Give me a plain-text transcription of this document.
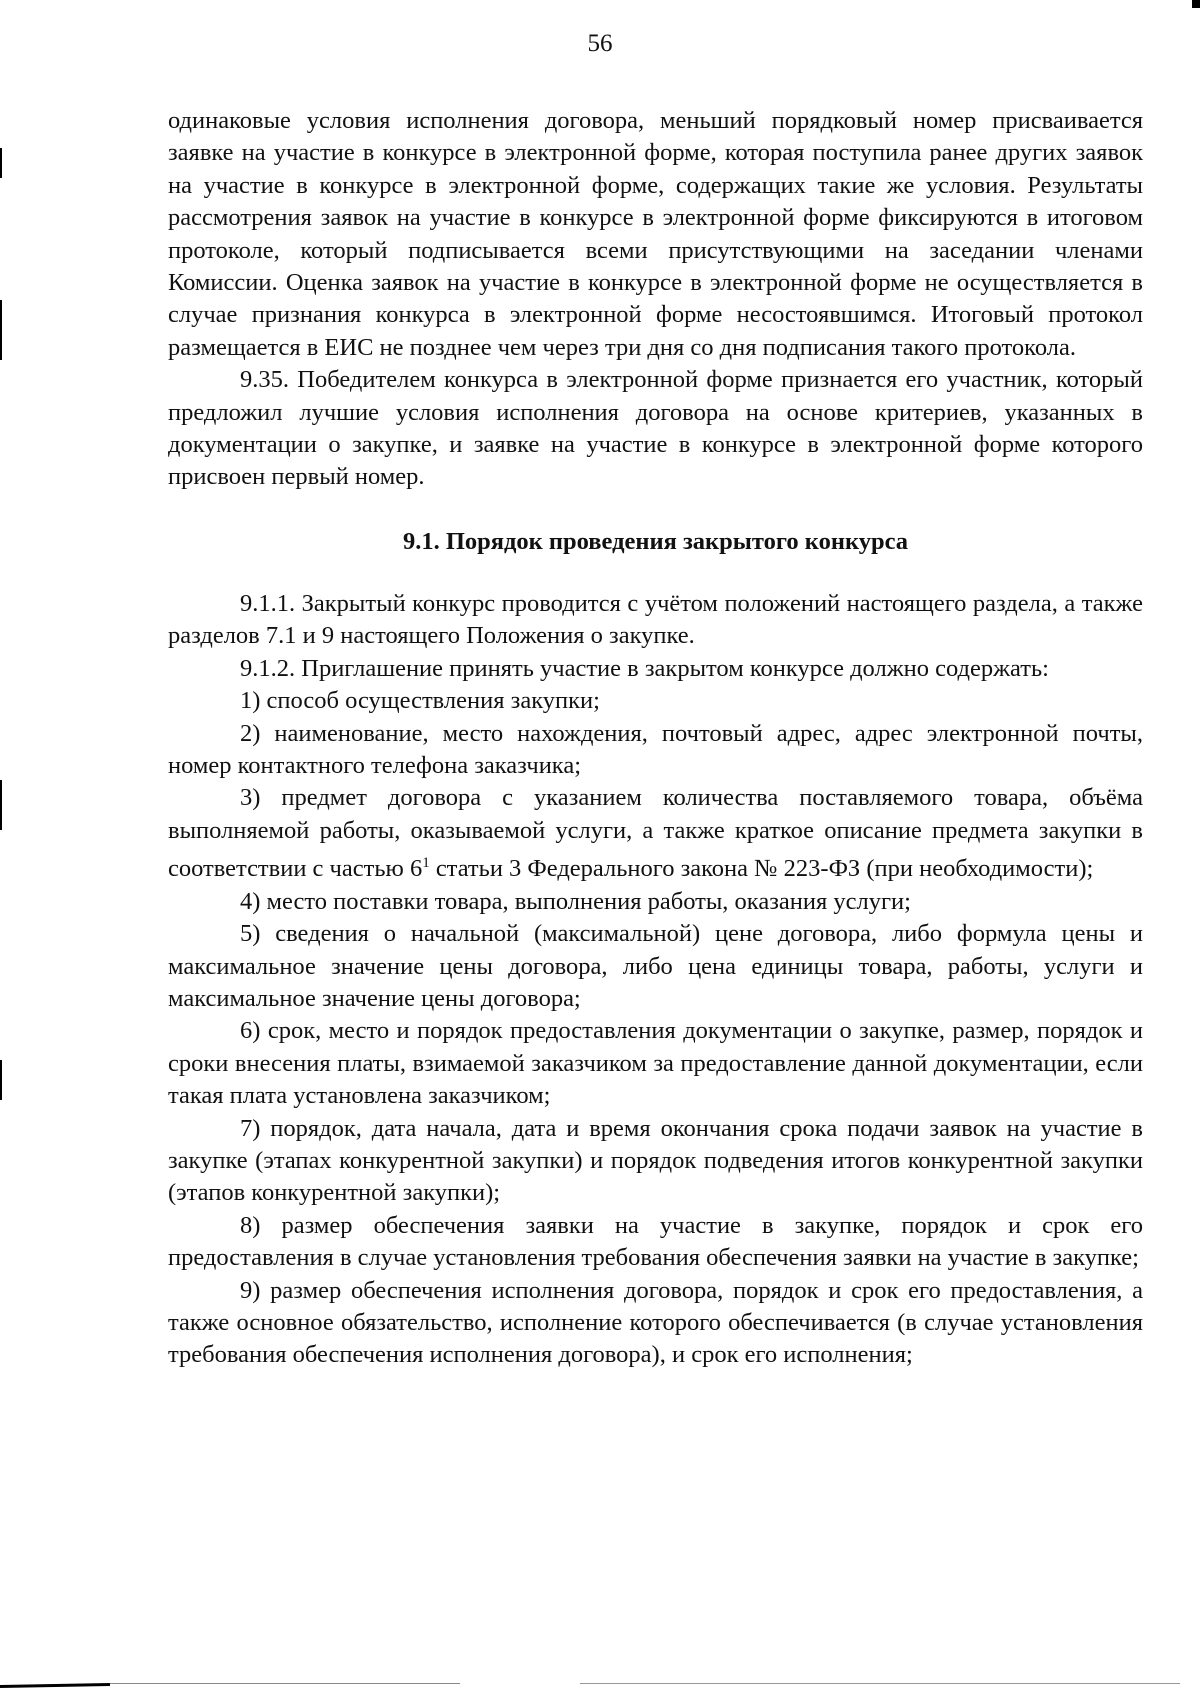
56

одинаковые условия исполнения договора, меньший порядковый номер присваивается заявке на участие в конкурсе в электронной форме, которая поступила ранее других заявок на участие в конкурсе в электронной форме, содержащих такие же условия. Результаты рассмотрения заявок на участие в конкурсе в электронной форме фиксируются в итоговом протоколе, который подписывается всеми присутствующими на заседании членами Комиссии. Оценка заявок на участие в конкурсе в электронной форме не осуществляется в случае признания конкурса в электронной форме несостоявшимся. Итоговый протокол размещается в ЕИС не позднее чем через три дня со дня подписания такого протокола.

9.35. Победителем конкурса в электронной форме признается его участник, который предложил лучшие условия исполнения договора на основе критериев, указанных в документации о закупке, и заявке на участие в конкурсе в электронной форме которого присвоен первый номер.

9.1. Порядок проведения закрытого конкурса

9.1.1. Закрытый конкурс проводится с учётом положений настоящего раздела, а также разделов 7.1 и 9 настоящего Положения о закупке.

9.1.2. Приглашение принять участие в закрытом конкурсе должно содержать:

1) способ осуществления закупки;

2) наименование, место нахождения, почтовый адрес, адрес электронной почты, номер контактного телефона заказчика;

3) предмет договора с указанием количества поставляемого товара, объёма выполняемой работы, оказываемой услуги, а также краткое описание предмета закупки в соответствии с частью $6^1$ статьи 3 Федерального закона № 223-ФЗ (при необходимости);

4) место поставки товара, выполнения работы, оказания услуги;

5) сведения о начальной (максимальной) цене договора, либо формула цены и максимальное значение цены договора, либо цена единицы товара, работы, услуги и максимальное значение цены договора;

6) срок, место и порядок предоставления документации о закупке, размер, порядок и сроки внесения платы, взимаемой заказчиком за предоставление данной документации, если такая плата установлена заказчиком;

7) порядок, дата начала, дата и время окончания срока подачи заявок на участие в закупке (этапах конкурентной закупки) и порядок подведения итогов конкурентной закупки (этапов конкурентной закупки);

8) размер обеспечения заявки на участие в закупке, порядок и срок его предоставления в случае установления требования обеспечения заявки на участие в закупке;

9) размер обеспечения исполнения договора, порядок и срок его предоставления, а также основное обязательство, исполнение которого обеспечивается (в случае установления требования обеспечения исполнения договора), и срок его исполнения;
